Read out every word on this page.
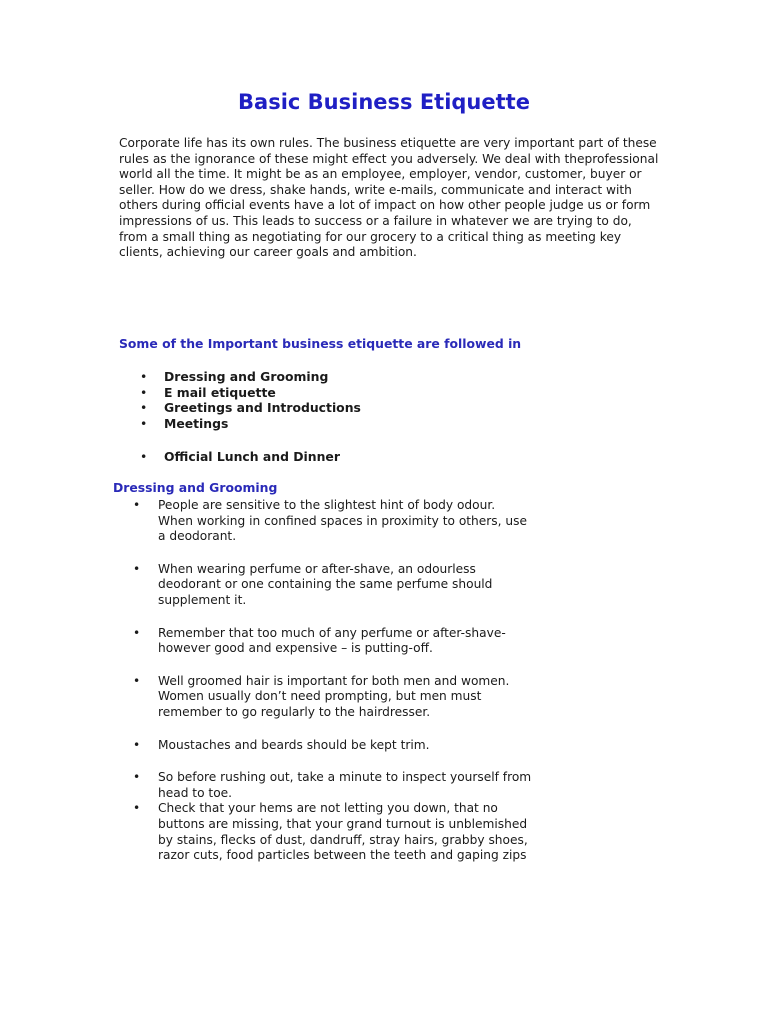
Basic Business Etiquette

Corporate life has its own rules. The business etiquette are very important part of these rules as the ignorance of these might effect you adversely. We deal with theprofessional world all the time. It might be as an employee, employer, vendor, customer, buyer or seller. How do we dress, shake hands, write e-mails, communicate and interact with others during official events have a lot of impact on how other people judge us or form impressions of us. This leads to success or a failure in whatever we are trying to do, from a small thing as negotiating for our grocery to a critical thing as meeting key clients, achieving our career goals and ambition.

Some of the Important business etiquette are followed in

• Dressing and Grooming
• E mail etiquette
• Greetings and Introductions
• Meetings
• Official Lunch and Dinner

Dressing and Grooming

• People are sensitive to the slightest hint of body odour. When working in confined spaces in proximity to others, use a deodorant.
• When wearing perfume or after-shave, an odourless deodorant or one containing the same perfume should supplement it.
• Remember that too much of any perfume or after-shave-however good and expensive – is putting-off.
• Well groomed hair is important for both men and women. Women usually don’t need prompting, but men must remember to go regularly to the hairdresser.
• Moustaches and beards should be kept trim.
• So before rushing out, take a minute to inspect yourself from head to toe.
• Check that your hems are not letting you down, that no buttons are missing, that your grand turnout is unblemished by stains, flecks of dust, dandruff, stray hairs, grabby shoes, razor cuts, food particles between the teeth and gaping zips
